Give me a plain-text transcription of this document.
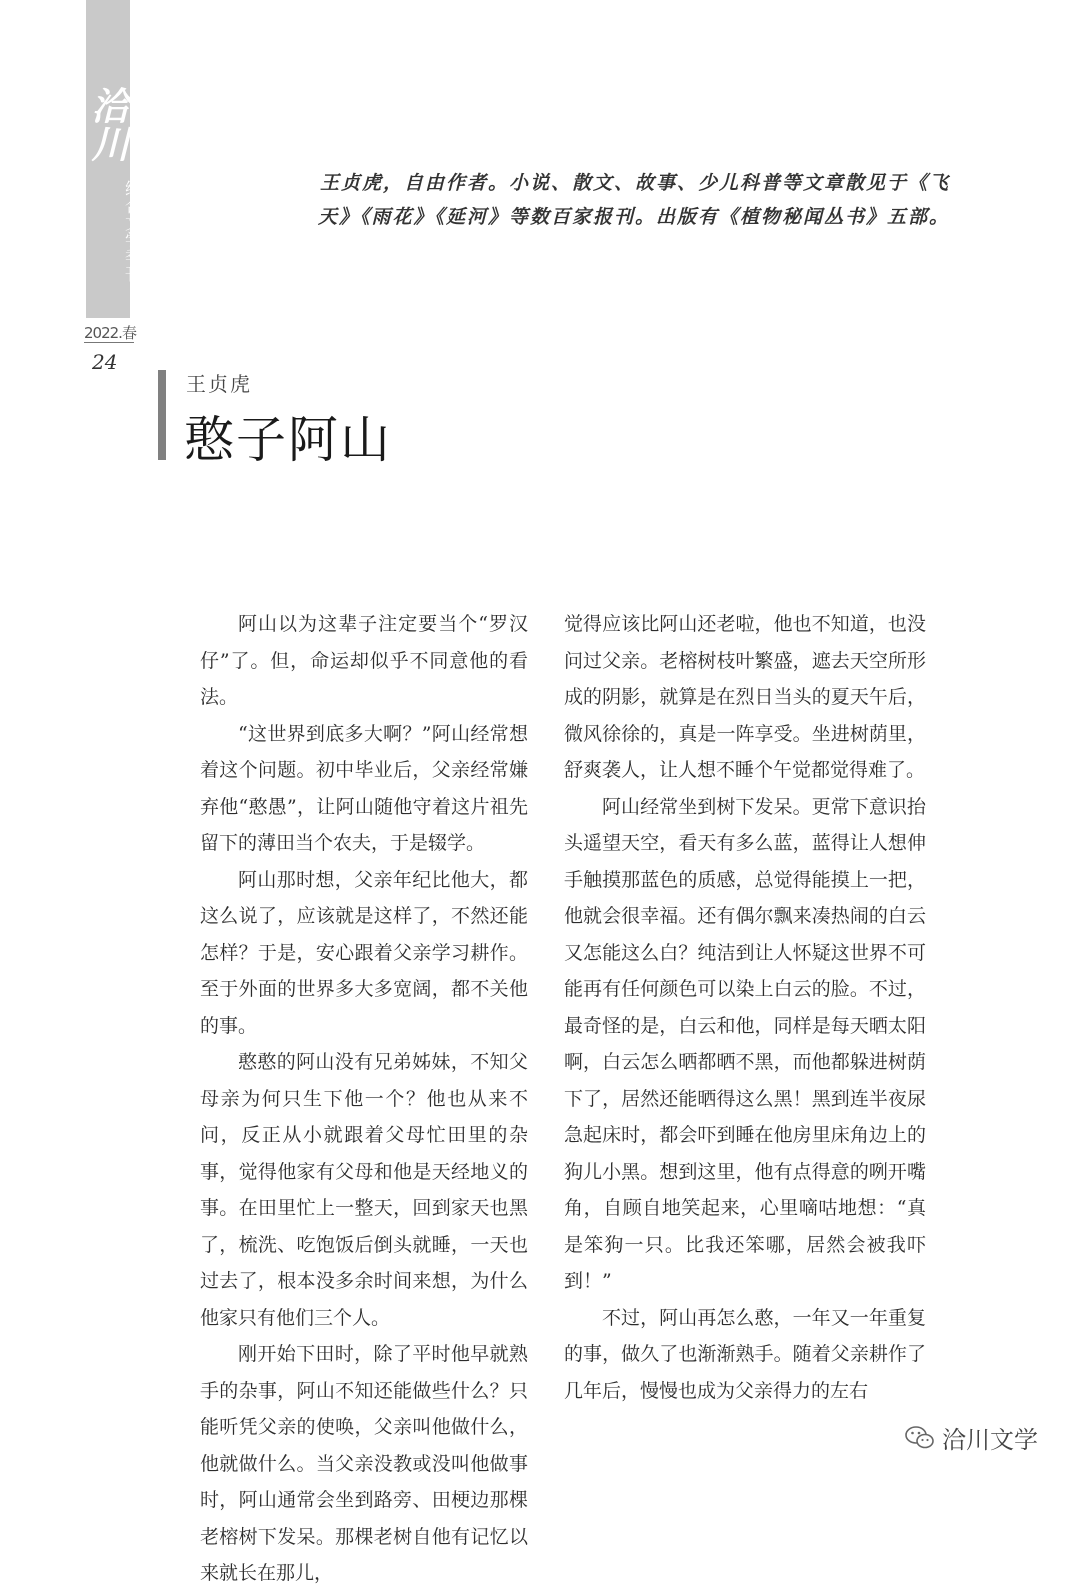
洽川
综合文学季刊
2022.春
24
王贞虎，自由作者。小说、散文、故事、少儿科普等文章散见于《飞
天》《雨花》《延河》等数百家报刊。出版有《植物秘闻丛书》五部。
王贞虎
憨子阿山

阿山以为这辈子注定要当个“罗汉仔”了。但，命运却似乎不同意他的看法。

“这世界到底多大啊？”阿山经常想着这个问题。初中毕业后，父亲经常嫌弃他“憨愚”，让阿山随他守着这片祖先留下的薄田当个农夫，于是辍学。

阿山那时想，父亲年纪比他大，都这么说了，应该就是这样了，不然还能怎样？于是，安心跟着父亲学习耕作。至于外面的世界多大多宽阔，都不关他的事。

憨憨的阿山没有兄弟姊妹，不知父母亲为何只生下他一个？他也从来不问，反正从小就跟着父母忙田里的杂事，觉得他家有父母和他是天经地义的事。在田里忙上一整天，回到家天也黑了，梳洗、吃饱饭后倒头就睡，一天也过去了，根本没多余时间来想，为什么他家只有他们三个人。

刚开始下田时，除了平时他早就熟手的杂事，阿山不知还能做些什么？只能听凭父亲的使唤，父亲叫他做什么，他就做什么。当父亲没教或没叫他做事时，阿山通常会坐到路旁、田梗边那棵老榕树下发呆。那棵老树自他有记忆以来就长在那儿，

觉得应该比阿山还老啦，他也不知道，也没问过父亲。老榕树枝叶繁盛，遮去天空所形成的阴影，就算是在烈日当头的夏天午后，微风徐徐的，真是一阵享受。坐进树荫里，舒爽袭人，让人想不睡个午觉都觉得难了。

阿山经常坐到树下发呆。更常下意识抬头遥望天空，看天有多么蓝，蓝得让人想伸手触摸那蓝色的质感，总觉得能摸上一把，他就会很幸福。还有偶尔飘来凑热闹的白云又怎能这么白？纯洁到让人怀疑这世界不可能再有任何颜色可以染上白云的脸。不过，最奇怪的是，白云和他，同样是每天晒太阳啊，白云怎么晒都晒不黑，而他都躲进树荫下了，居然还能晒得这么黑！黑到连半夜尿急起床时，都会吓到睡在他房里床角边上的狗儿小黑。想到这里，他有点得意的咧开嘴角，自顾自地笑起来，心里嘀咕地想：“真是笨狗一只。比我还笨哪，居然会被我吓到！”

不过，阿山再怎么憨，一年又一年重复的事，做久了也渐渐熟手。随着父亲耕作了几年后，慢慢也成为父亲得力的左右

洽川文学
